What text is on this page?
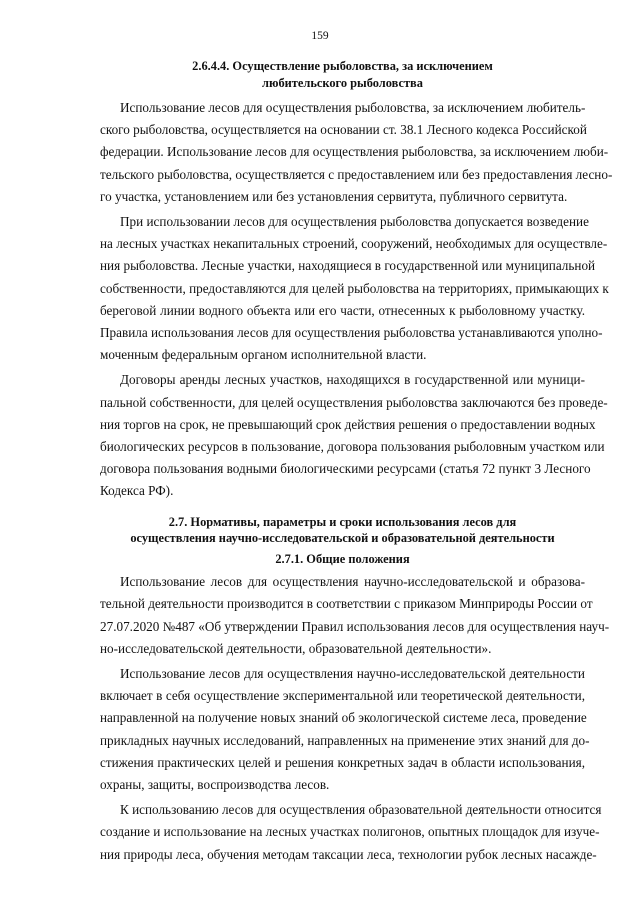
159
2.6.4.4. Осуществление рыболовства, за исключением
любительского рыболовства
Использование лесов для осуществления рыболовства, за исключением любитель-
ского рыболовства, осуществляется на основании ст. 38.1 Лесного кодекса Российской
федерации. Использование лесов для осуществления рыболовства, за исключением люби-
тельского рыболовства, осуществляется с предоставлением или без предоставления лесно-
го участка, установлением или без установления сервитута, публичного сервитута.
При использовании лесов для осуществления рыболовства допускается возведение
на лесных участках некапитальных строений, сооружений, необходимых для осуществле-
ния рыболовства. Лесные участки, находящиеся в государственной или муниципальной
собственности, предоставляются для целей рыболовства на территориях, примыкающих к
береговой линии водного объекта или его части, отнесенных к рыболовному участку.
Правила использования лесов для осуществления рыболовства устанавливаются уполно-
моченным федеральным органом исполнительной власти.
Договоры аренды лесных участков, находящихся в государственной или муници-
пальной собственности, для целей осуществления рыболовства заключаются без проведе-
ния торгов на срок, не превышающий срок действия решения о предоставлении водных
биологических ресурсов в пользование, договора пользования рыболовным участком или
договора пользования водными биологическими ресурсами (статья 72 пункт 3 Лесного
Кодекса РФ).
2.7. Нормативы, параметры и сроки использования лесов для
осуществления научно-исследовательской и образовательной деятельности
2.7.1. Общие положения
Использование лесов для осуществления научно-исследовательской и образова-
тельной деятельности производится в соответствии с приказом Минприроды России от
27.07.2020 №487 «Об утверждении Правил использования лесов для осуществления науч-
но-исследовательской деятельности, образовательной деятельности».
Использование лесов для осуществления научно-исследовательской деятельности
включает в себя осуществление экспериментальной или теоретической деятельности,
направленной на получение новых знаний об экологической системе леса, проведение
прикладных научных исследований, направленных на применение этих знаний для до-
стижения практических целей и решения конкретных задач в области использования,
охраны, защиты, воспроизводства лесов.
К использованию лесов для осуществления образовательной деятельности относится
создание и использование на лесных участках полигонов, опытных площадок для изуче-
ния природы леса, обучения методам таксации леса, технологии рубок лесных насажде-
